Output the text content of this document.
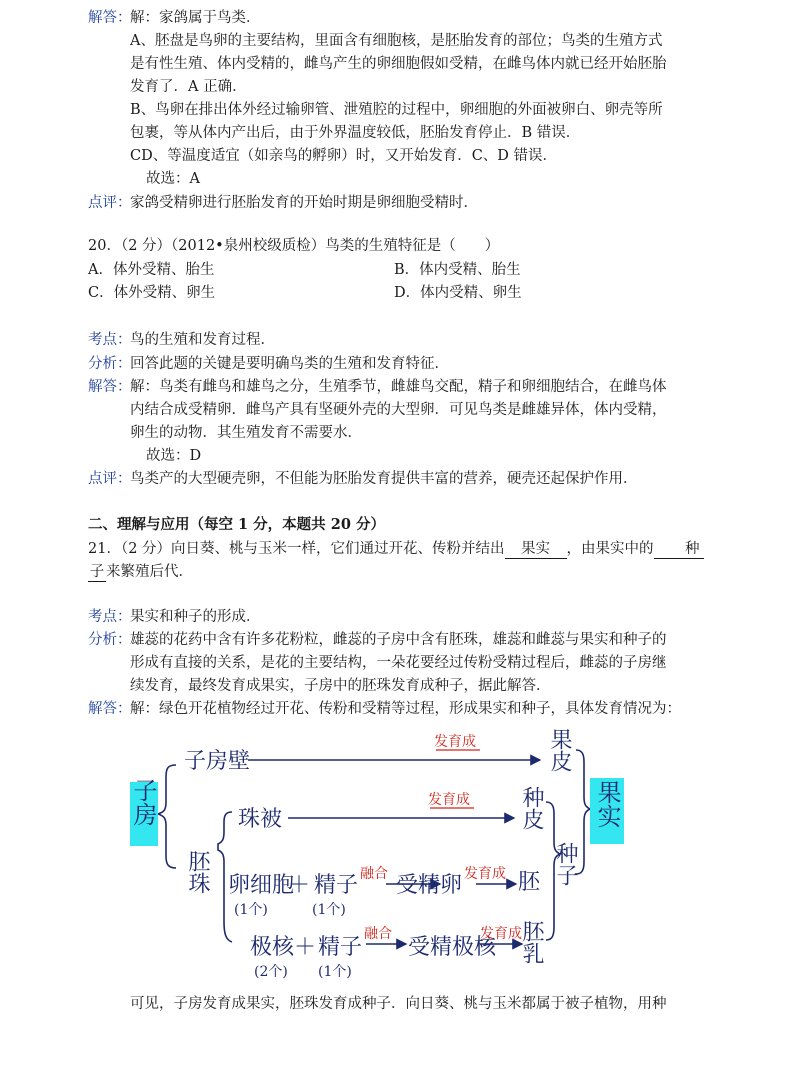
解答：
解：家鸽属于鸟类．
A、胚盘是鸟卵的主要结构，里面含有细胞核，是胚胎发育的部位；鸟类的生殖方式
是有性生殖、体内受精的，雌鸟产生的卵细胞假如受精，在雌鸟体内就已经开始胚胎
发育了．A 正确．
B、鸟卵在排出体外经过输卵管、泄殖腔的过程中，卵细胞的外面被卵白、卵壳等所
包裹，等从体内产出后，由于外界温度较低，胚胎发育停止．B 错误．
CD、等温度适宜（如亲鸟的孵卵）时，又开始发育．C、D 错误．
故选：A
点评：
家鸽受精卵进行胚胎发育的开始时期是卵细胞受精时．
20．（2 分）（2012•泉州校级质检）鸟类的生殖特征是（　　）
A．体外受精、胎生	B．体内受精、胎生
C．体外受精、卵生	D．体内受精、卵生
考点：
鸟的生殖和发育过程．
分析：
回答此题的关键是要明确鸟类的生殖和发育特征．
解答：
解：鸟类有雌鸟和雄鸟之分，生殖季节，雌雄鸟交配，精子和卵细胞结合，在雌鸟体
内结合成受精卵．雌鸟产具有坚硬外壳的大型卵．可见鸟类是雌雄异体，体内受精，
卵生的动物．其生殖发育不需要水．
故选：D
点评：
鸟类产的大型硬壳卵，不但能为胚胎发育提供丰富的营养，硬壳还起保护作用．
二、理解与应用（每空 1 分，本题共 20 分）
21．（2 分）向日葵、桃与玉米一样，它们通过开花、传粉并结出 果实 ，由果实中的 种
子 来繁殖后代．
考点：
果实和种子的形成．
分析：
雄蕊的花药中含有许多花粉粒，雌蕊的子房中含有胚珠，雄蕊和雌蕊与果实和种子的
形成有直接的关系，是花的主要结构，一朵花要经过传粉受精过程后，雌蕊的子房继
续发育，最终发育成果实，子房中的胚珠发育成种子，据此解答．
解答：
解：绿色开花植物经过开花、传粉和受精等过程，形成果实和种子，具体发育情况为：
子房壁
珠被
卵细胞
＋ 精子 受精卵
极核 ＋ 精子 受精极核
(1个)	(1个)
(2个) (1个)
发育成
发育成
融合	发育成
融合	发育成
子房
胚珠
果皮
种皮
胚
胚乳
种子
果实
可见，子房发育成果实，胚珠发育成种子．向日葵、桃与玉米都属于被子植物，用种
